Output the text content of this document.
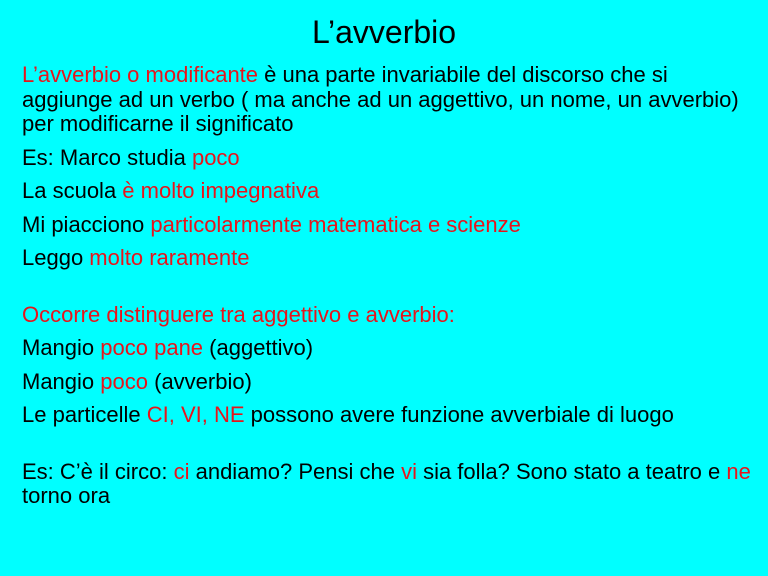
L’avverbio

L’avverbio o modificante è una parte invariabile del discorso che si aggiunge ad un verbo ( ma anche ad un aggettivo, un nome, un avverbio) per modificarne il significato

Es: Marco studia poco

La scuola è molto impegnativa

Mi piacciono particolarmente matematica e scienze

Leggo molto raramente

Occorre distinguere tra aggettivo e avverbio:

Mangio poco pane (aggettivo)

Mangio poco (avverbio)

Le particelle CI, VI, NE possono avere funzione avverbiale di luogo

Es: C’è il circo: ci andiamo? Pensi che vi sia folla? Sono stato a teatro e ne torno ora
